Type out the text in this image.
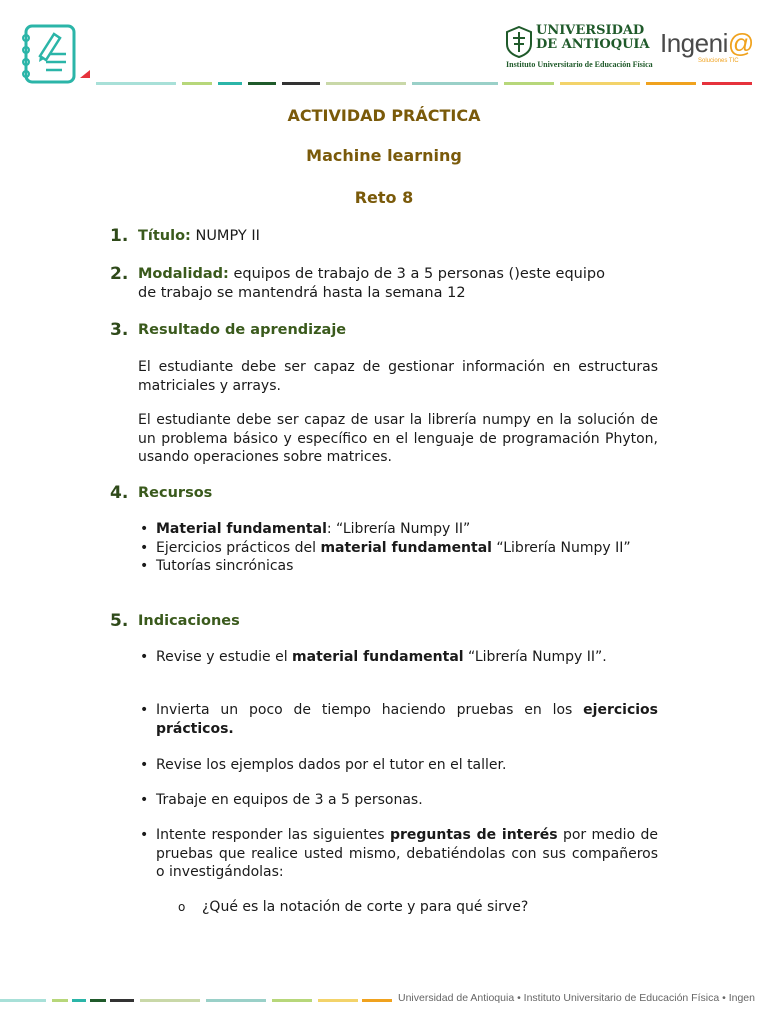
UNIVERSIDAD
DE ANTIOQUIA
Instituto Universitario de Educación Física
Ingeni@
Soluciones TIC
ACTIVIDAD PRÁCTICA
Machine learning
Reto 8
1. Título: NUMPY II
2. Modalidad: equipos de trabajo de 3 a 5 personas ()este equipo
de trabajo se mantendrá hasta la semana 12
3. Resultado de aprendizaje
El estudiante debe ser capaz de gestionar información en estructuras matriciales y arrays.
El estudiante debe ser capaz de usar la librería numpy en la solución de un problema básico y específico en el lenguaje de programación Phyton, usando operaciones sobre matrices.
4. Recursos
• Material fundamental: “Librería Numpy II”
• Ejercicios prácticos del material fundamental “Librería Numpy II”
• Tutorías sincrónicas
5. Indicaciones
• Revise y estudie el material fundamental “Librería Numpy II”.
• Invierta un poco de tiempo haciendo pruebas en los ejercicios prácticos.
• Revise los ejemplos dados por el tutor en el taller.
• Trabaje en equipos de 3 a 5 personas.
• Intente responder las siguientes preguntas de interés por medio de pruebas que realice usted mismo, debatiéndolas con sus compañeros o investigándolas:
o ¿Qué es la notación de corte y para qué sirve?
Universidad de Antioquia • Instituto Universitario de Educación Física • Ingen
